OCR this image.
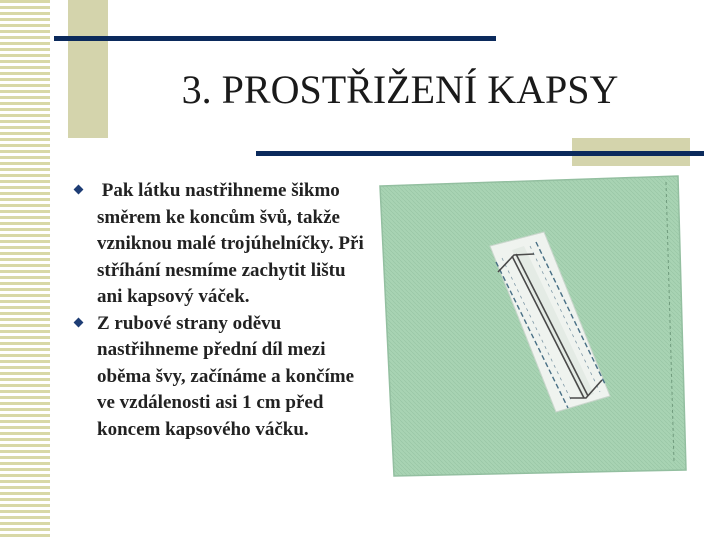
3. PROSTŘIŽENÍ KAPSY
Pak látku nastřihneme šikmo směrem ke koncům švů, takže vzniknou malé trojúhelníčky. Při stříhání nesmíme zachytit lištu ani kapsový váček.
Z rubové strany oděvu nastřihneme přední díl mezi oběma švy, začínáme a končíme ve vzdálenosti asi 1 cm před koncem kapsového váčku.
